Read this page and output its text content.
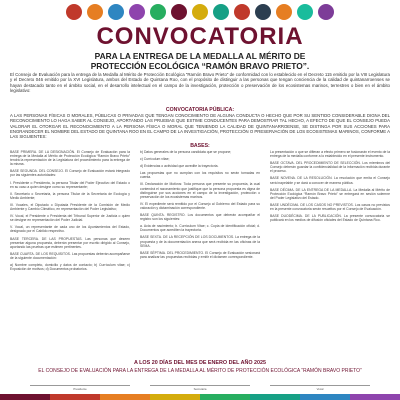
CONVOCATORIA
PARA LA ENTREGA DE LA MEDALLA AL MÉRITO DE
PROTECCIÓN ECOLÓGICA “RAMÓN BRAVO PRIETO”.
El Consejo de Evaluación para la entrega de la Medalla al Mérito de Protección Ecológica “Ramón Bravo Prieto” de conformidad con lo establecido en el Decreto 115 emitido por la VIII Legislatura y el Decreto 046 emitido por la XVI Legislatura, ambos del Estado de Quintana Roo, con el propósito de distinguir a las personas que tengan conciencia de la calidad de quintanarroenses se hayan destacado tanto en el ámbito social, en el desarrollo intelectual en el campo de la investigación, protección o preservación de los ecosistemas marinos, terrestres o bien en el ámbito legislativo:
CONVOCATORIA PÚBLICA:
A LAS PERSONAS FÍSICAS O MORALES, PÚBLICAS O PRIVADAS QUE TENGAN CONOCIMIENTO DE ALGUNA CONDUCTA O HECHO QUE POR SU SENTIDO CONSIDERABLE DIGNA DEL RECONOCIMIENTO LO HAGA SABER AL CONSEJO, APORTANDO LAS PRUEBAS QUE ESTIME CONDUCENTES PARA DEMOSTRAR TAL HECHO, A EFECTO DE QUE EL CONSEJO PUEDA VALORAR EL OTORGAR EL RECONOCIMIENTO A LA PERSONA FÍSICA O MORAL QUE TENIENDO LA CALIDAD DE QUINTANARROENSE, SE DISTINGA POR SUS ACCIONES PARA ENGRANDECER EL NOMBRE DEL ESTADO DE QUINTANA ROO EN EL CAMPO DE LA INVESTIGACIÓN, PROTECCIÓN O PRESERVACIÓN DE LOS ECOSISTEMAS MARINOS, CONFORME A LAS SIGUIENTES:
BASES:

BASE PRIMERA. DE LA DESIGNACIÓN. El Consejo de Evaluación para la entrega de la Medalla al Mérito de Protección Ecológica “Ramón Bravo Prieto” tendrá la representación de la Legislatura del procedimiento para la entrega de la misma.

BASE SEGUNDA. DEL CONSEJO. El Consejo de Evaluación estará integrado por las siguientes autoridades:

I. Presidente o Presidenta, la persona Titular del Poder Ejecutivo del Estado o en su caso a quien designe como su representante;

II. Secretario o Secretaria, la persona Titular de la Secretaría de Ecología y Medio Ambiente;

III. Vocales, el Diputado o Diputada Presidente de la Comisión de Medio Ambiente y Cambio Climático, en representación del Poder Legislativo;

IV. Vocal, el Presidente o Presidenta del Tribunal Superior de Justicia o quien se designe en representación del Poder Judicial.

V. Vocal, un representante de cada uno de los Ayuntamientos del Estado, designado por el Cabildo respectivo.

BASE TERCERA. DE LAS PROPUESTAS. Las personas que deseen presentar alguna propuesta, deberán presentar por escrito dirigido al Consejo, aportando las pruebas que estimen pertinentes.

BASE CUARTA. DE LOS REQUISITOS. Las propuestas deberán acompañarse de la siguiente documentación:

a) Nombre completo, domicilio y datos de contacto; b) Currículum vitae; c) Exposición de motivos; d) Documentos probatorios.

b) Datos generales de la persona candidata que se propone;

c) Currículum vitae;

d) Evidencias o actividad que acredite la trayectoria.

Las propuestas que no cumplan con los requisitos no serán tomadas en cuenta.

III. Declaración de Motivos: Toda persona que presente su propuesta, la cual contendrá el razonamiento que justifique que la persona propuesta es digna de distinguirse por sus acciones en el campo de la investigación, protección o preservación de los ecosistemas marinos.

IV. El expediente será remitido por el Consejo al Gobierno del Estado para su valoración y dictaminación correspondiente.

BASE QUINTA. REGISTRO. Los documentos que deberán acompañar el registro son los siguientes:

a. Acta de nacimiento; b. Currículum Vitae; c. Copia de identificación oficial; d. Documentos que acrediten la trayectoria.

BASE SEXTA. DE LA RECEPCIÓN DE LOS DOCUMENTOS. La entrega de la propuesta y de la documentación anexa que será recibida en las oficinas de la SEMA.

BASE SÉPTIMA. DEL PROCEDIMIENTO. El Consejo de Evaluación sesionará para analizar las propuestas recibidas y emitir el dictamen correspondiente.

La presentación o que se difieran a efecto primero se fusionarán el evento de la entrega de la medalla conforme a lo establecido en el presente instrumento.

BASE OCTAVA. DEL PROCEDIMIENTO DE SELECCIÓN. Los miembros del Consejo deberán guardar la confidencialidad de la información recibida durante el proceso.

BASE NOVENA. DE LA RESOLUCIÓN. La resolución que emita el Consejo será inapelable y se dará a conocer de manera pública.

BASE DÉCIMA. DE LA ENTREGA DE LA MEDALLA. La Medalla al Mérito de Protección Ecológica “Ramón Bravo Prieto” se entregará en sesión solemne del Poder Legislativo del Estado.

BASE UNDÉCIMA. DE LOS CASOS NO PREVISTOS. Los casos no previstos en la presente convocatoria serán resueltos por el Consejo de Evaluación.

BASE DUODÉCIMA. DE LA PUBLICACIÓN. La presente convocatoria se publicará en los medios de difusión oficiales del Estado de Quintana Roo.

A LOS 20 DÍAS DEL MES DE ENERO DEL AÑO 2025
EL CONSEJO DE EVALUACIÓN PARA LA ENTREGA DE LA MEDALLA AL MÉRITO DE PROTECCIÓN ECOLÓGICA “RAMÓN BRAVO PRIETO”
Presidente	Secretaria	Vocal
